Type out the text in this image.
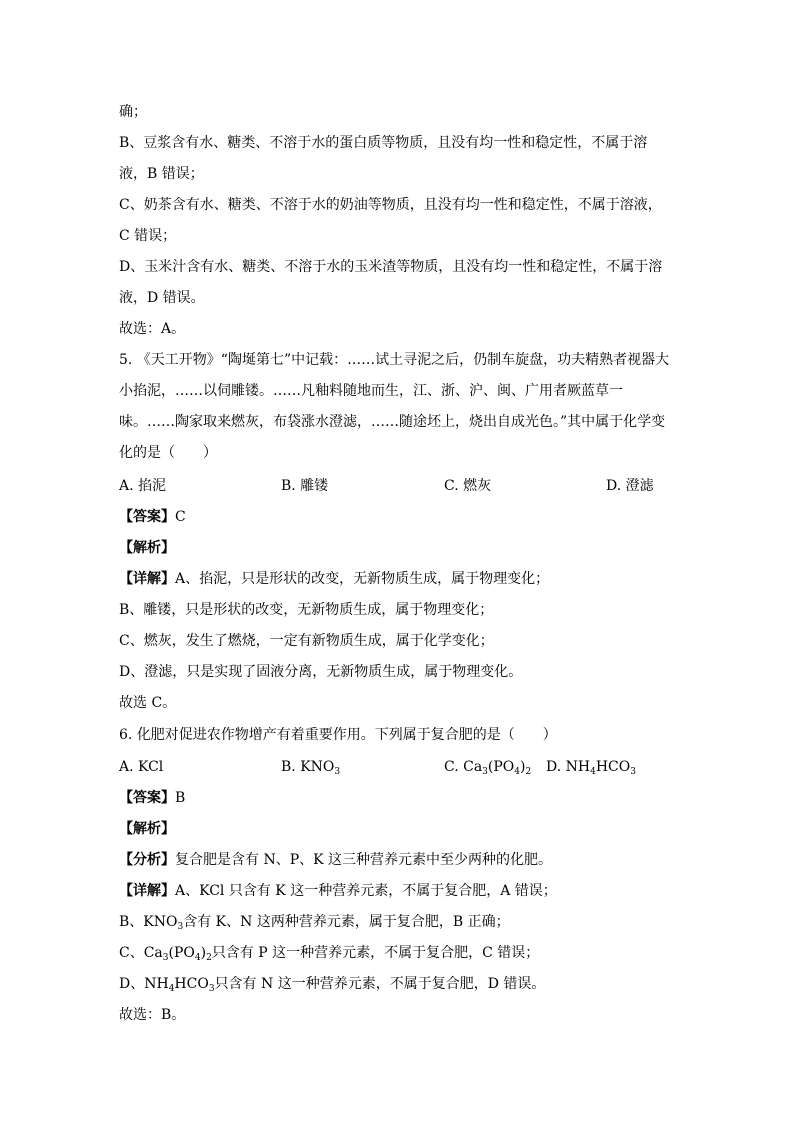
确；
B、豆浆含有水、糖类、不溶于水的蛋白质等物质，且没有均一性和稳定性，不属于溶
液，B 错误；
C、奶茶含有水、糖类、不溶于水的奶油等物质，且没有均一性和稳定性，不属于溶液，
C 错误；
D、玉米汁含有水、糖类、不溶于水的玉米渣等物质，且没有均一性和稳定性，不属于溶
液，D 错误。
故选：A。
5. 《天工开物》“陶埏第七”中记载：……试土寻泥之后，仍制车旋盘，功夫精熟者视器大
小掐泥，……以伺雕镂。……凡釉料随地而生，江、浙、沪、闽、广用者厥蓝草一
味。……陶家取来燃灰，布袋涨水澄滤，……随途坯上，烧出自成光色。”其中属于化学变
化的是（　　）
A. 掐泥	B. 雕镂	C. 燃灰	D. 澄滤
【答案】C
【解析】
【详解】A、掐泥，只是形状的改变，无新物质生成，属于物理变化；
B、雕镂，只是形状的改变，无新物质生成，属于物理变化；
C、燃灰，发生了燃烧，一定有新物质生成，属于化学变化；
D、澄滤，只是实现了固液分离，无新物质生成，属于物理变化。
故选 C。
6. 化肥对促进农作物增产有着重要作用。下列属于复合肥的是（　　）
A. KCl	B. $KNO_3$	C. $Ca_3(PO_4)_2$ D. $NH_4HCO_3$
【答案】B
【解析】
【分析】复合肥是含有 N、P、K 这三种营养元素中至少两种的化肥。
【详解】A、KCl 只含有 K 这一种营养元素，不属于复合肥，A 错误；
B、$KNO_3$含有 K、N 这两种营养元素，属于复合肥，B 正确；
C、$Ca_3(PO_4)_2$只含有 P 这一种营养元素，不属于复合肥，C 错误；
D、$NH_4HCO_3$只含有 N 这一种营养元素，不属于复合肥，D 错误。
故选：B。
